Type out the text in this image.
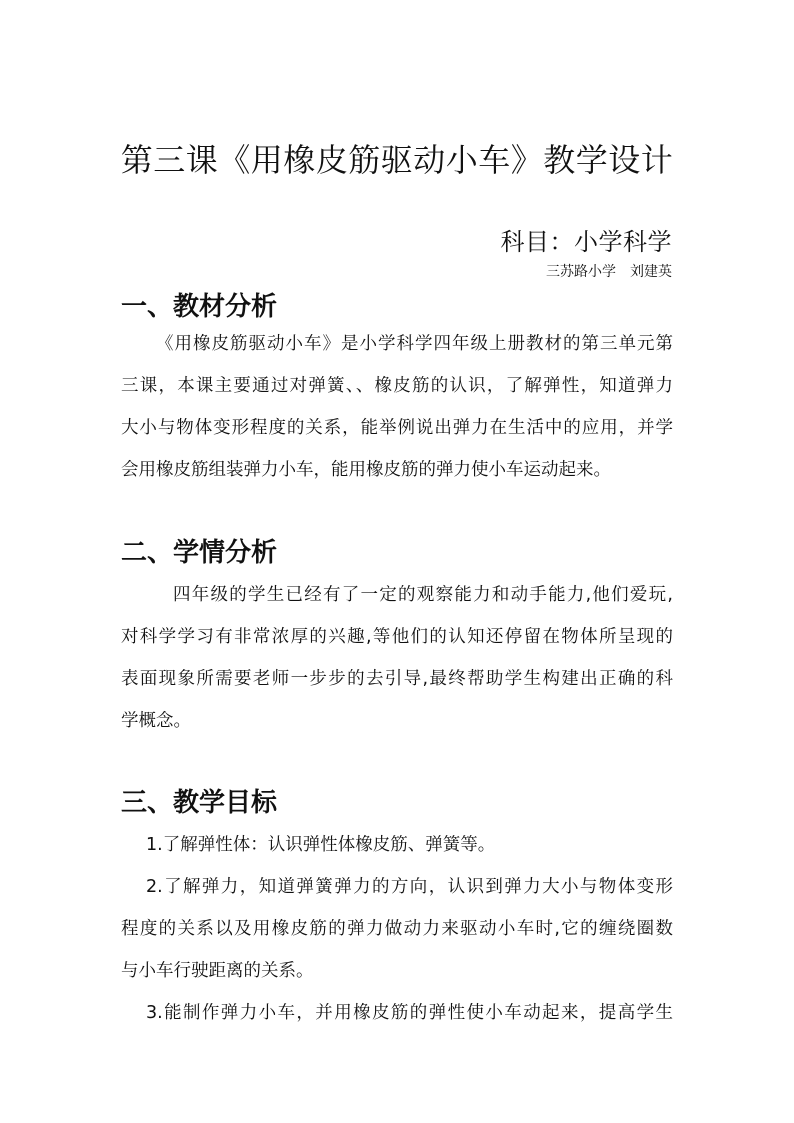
第三课《用橡皮筋驱动小车》教学设计
科目：小学科学
三苏路小学　刘建英
一、教材分析
《用橡皮筋驱动小车》是小学科学四年级上册教材的第三单元第
三课，本课主要通过对弹簧、、橡皮筋的认识，了解弹性，知道弹力
大小与物体变形程度的关系，能举例说出弹力在生活中的应用，并学
会用橡皮筋组装弹力小车，能用橡皮筋的弹力使小车运动起来。
二、学情分析
四年级的学生已经有了一定的观察能力和动手能力,他们爱玩,
对科学学习有非常浓厚的兴趣,等他们的认知还停留在物体所呈现的
表面现象所需要老师一步步的去引导,最终帮助学生构建出正确的科
学概念。
三、教学目标
1.了解弹性体：认识弹性体橡皮筋、弹簧等。
2.了解弹力，知道弹簧弹力的方向，认识到弹力大小与物体变形
程度的关系以及用橡皮筋的弹力做动力来驱动小车时,它的缠绕圈数
与小车行驶距离的关系。
3.能制作弹力小车，并用橡皮筋的弹性使小车动起来，提高学生
